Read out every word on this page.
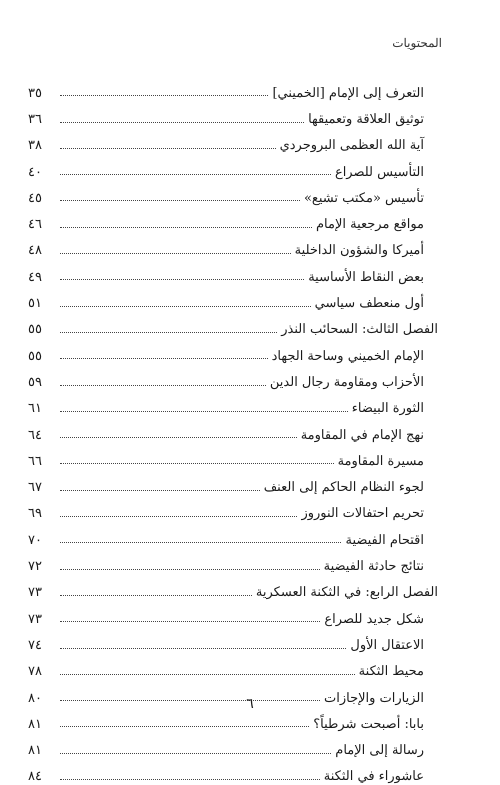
المحتويات
التعرف إلى الإمام [الخميني]
٣٥
توثيق العلاقة وتعميقها
٣٦
آية الله العظمى البروجردي
٣٨
التأسيس للصراع
٤٠
تأسيس «مكتب تشيع»
٤٥
مواقع مرجعية الإمام
٤٦
أميركا والشؤون الداخلية
٤٨
بعض النقاط الأساسية
٤٩
أول منعطف سياسي
٥١
الفصل الثالث: السحائب النذر
٥٥
الإمام الخميني وساحة الجهاد
٥٥
الأحزاب ومقاومة رجال الدين
٥٩
الثورة البيضاء
٦١
نهج الإمام في المقاومة
٦٤
مسيرة المقاومة
٦٦
لجوء النظام الحاكم إلى العنف
٦٧
تحريم احتفالات النوروز
٦٩
اقتحام الفيضية
٧٠
نتائج حادثة الفيضية
٧٢
الفصل الرابع: في الثكنة العسكرية
٧٣
شكل جديد للصراع
٧٣
الاعتقال الأول
٧٤
محيط الثكنة
٧٨
الزيارات والإجازات
٨٠
بابا: أصبحت شرطياً؟
٨١
رسالة إلى الإمام
٨١
عاشوراء في الثكنة
٨٤
٦
